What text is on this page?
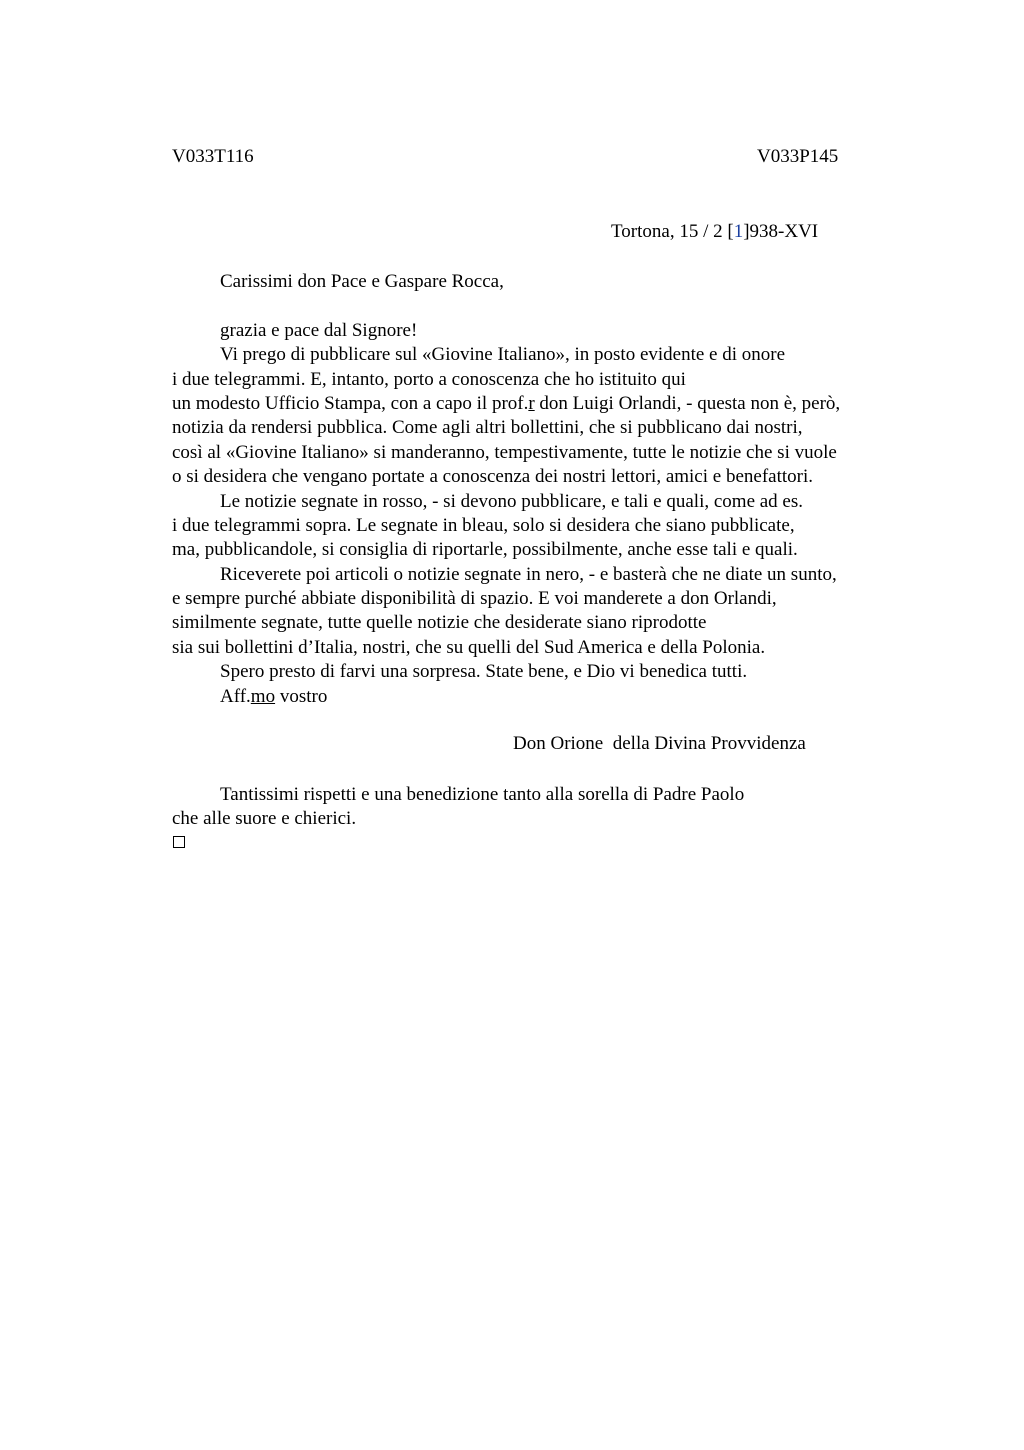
V033T116	V033P145
Tortona, 15 / 2 [1]938-XVI
Carissimi don Pace e Gaspare Rocca,
grazia e pace dal Signore!
Vi prego di pubblicare sul «Giovine Italiano», in posto evidente e di onore
i due telegrammi. E, intanto, porto a conoscenza che ho istituito qui
un modesto Ufficio Stampa, con a capo il prof.r don Luigi Orlandi, - questa non è, però,
notizia da rendersi pubblica. Come agli altri bollettini, che si pubblicano dai nostri,
così al «Giovine Italiano» si manderanno, tempestivamente, tutte le notizie che si vuole
o si desidera che vengano portate a conoscenza dei nostri lettori, amici e benefattori.
Le notizie segnate in rosso, - si devono pubblicare, e tali e quali, come ad es.
i due telegrammi sopra. Le segnate in bleau, solo si desidera che siano pubblicate,
ma, pubblicandole, si consiglia di riportarle, possibilmente, anche esse tali e quali.
Riceverete poi articoli o notizie segnate in nero, - e basterà che ne diate un sunto,
e sempre purché abbiate disponibilità di spazio. E voi manderete a don Orlandi,
similmente segnate, tutte quelle notizie che desiderate siano riprodotte
sia sui bollettini d’Italia, nostri, che su quelli del Sud America e della Polonia.
Spero presto di farvi una sorpresa. State bene, e Dio vi benedica tutti.
Aff.mo vostro
Don Orione  della Divina Provvidenza
Tantissimi rispetti e una benedizione tanto alla sorella di Padre Paolo
che alle suore e chierici.
